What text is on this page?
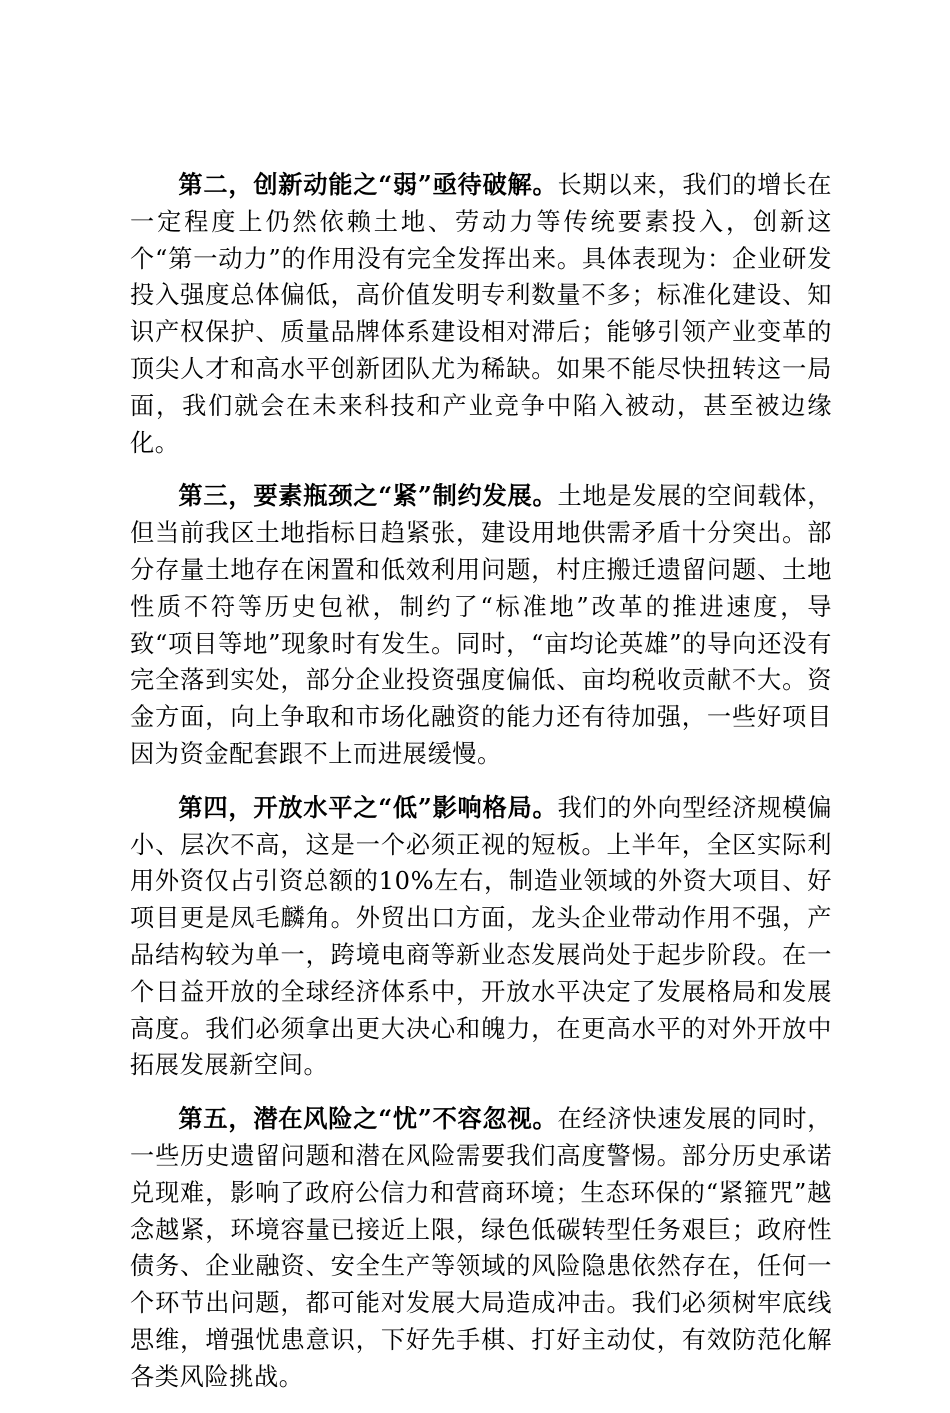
第二，创新动能之“弱”亟待破解。长期以来，我们的增长在一定程度上仍然依赖土地、劳动力等传统要素投入，创新这个“第一动力”的作用没有完全发挥出来。具体表现为：企业研发投入强度总体偏低，高价值发明专利数量不多；标准化建设、知识产权保护、质量品牌体系建设相对滞后；能够引领产业变革的顶尖人才和高水平创新团队尤为稀缺。如果不能尽快扭转这一局面，我们就会在未来科技和产业竞争中陷入被动，甚至被边缘化。

第三，要素瓶颈之“紧”制约发展。土地是发展的空间载体，但当前我区土地指标日趋紧张，建设用地供需矛盾十分突出。部分存量土地存在闲置和低效利用问题，村庄搬迁遗留问题、土地性质不符等历史包袱，制约了“标准地”改革的推进速度，导致“项目等地”现象时有发生。同时，“亩均论英雄”的导向还没有完全落到实处，部分企业投资强度偏低、亩均税收贡献不大。资金方面，向上争取和市场化融资的能力还有待加强，一些好项目因为资金配套跟不上而进展缓慢。

第四，开放水平之“低”影响格局。我们的外向型经济规模偏小、层次不高，这是一个必须正视的短板。上半年，全区实际利用外资仅占引资总额的10%左右，制造业领域的外资大项目、好项目更是凤毛麟角。外贸出口方面，龙头企业带动作用不强，产品结构较为单一，跨境电商等新业态发展尚处于起步阶段。在一个日益开放的全球经济体系中，开放水平决定了发展格局和发展高度。我们必须拿出更大决心和魄力，在更高水平的对外开放中拓展发展新空间。

第五，潜在风险之“忧”不容忽视。在经济快速发展的同时，一些历史遗留问题和潜在风险需要我们高度警惕。部分历史承诺兑现难，影响了政府公信力和营商环境；生态环保的“紧箍咒”越念越紧，环境容量已接近上限，绿色低碳转型任务艰巨；政府性债务、企业融资、安全生产等领域的风险隐患依然存在，任何一个环节出问题，都可能对发展大局造成冲击。我们必须树牢底线思维，增强忧患意识，下好先手棋、打好主动仗，有效防范化解各类风险挑战。
